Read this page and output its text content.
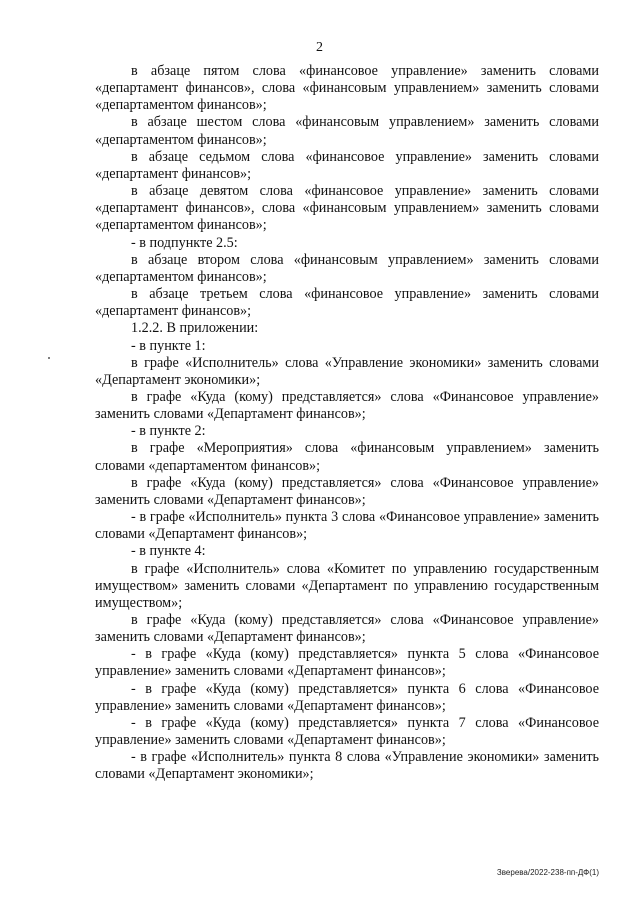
2

в абзаце пятом слова «финансовое управление» заменить словами «департамент финансов», слова «финансовым управлением» заменить словами «департаментом финансов»;

в абзаце шестом слова «финансовым управлением» заменить словами «департаментом финансов»;

в абзаце седьмом слова «финансовое управление» заменить словами «департамент финансов»;

в абзаце девятом слова «финансовое управление» заменить словами «департамент финансов», слова «финансовым управлением» заменить словами «департаментом финансов»;

- в подпункте 2.5:

в абзаце втором слова «финансовым управлением» заменить словами «департаментом финансов»;

в абзаце третьем слова «финансовое управление» заменить словами «департамент финансов»;

1.2.2. В приложении:

- в пункте 1:

в графе «Исполнитель» слова «Управление экономики» заменить словами «Департамент экономики»;

в графе «Куда (кому) представляется» слова «Финансовое управление» заменить словами «Департамент финансов»;

- в пункте 2:

в графе «Мероприятия» слова «финансовым управлением» заменить словами «департаментом финансов»;

в графе «Куда (кому) представляется» слова «Финансовое управление» заменить словами «Департамент финансов»;

- в графе «Исполнитель» пункта 3 слова «Финансовое управление» заменить словами «Департамент финансов»;

- в пункте 4:

в графе «Исполнитель» слова «Комитет по управлению государственным имуществом» заменить словами «Департамент по управлению государственным имуществом»;

в графе «Куда (кому) представляется» слова «Финансовое управление» заменить словами «Департамент финансов»;

- в графе «Куда (кому) представляется» пункта 5 слова «Финансовое управление» заменить словами «Департамент финансов»;

- в графе «Куда (кому) представляется» пункта 6 слова «Финансовое управление» заменить словами «Департамент финансов»;

- в графе «Куда (кому) представляется» пункта 7 слова «Финансовое управление» заменить словами «Департамент финансов»;

- в графе «Исполнитель» пункта 8 слова «Управление экономики» заменить словами «Департамент экономики»;

Зверева/2022-238-пп-ДФ(1)
